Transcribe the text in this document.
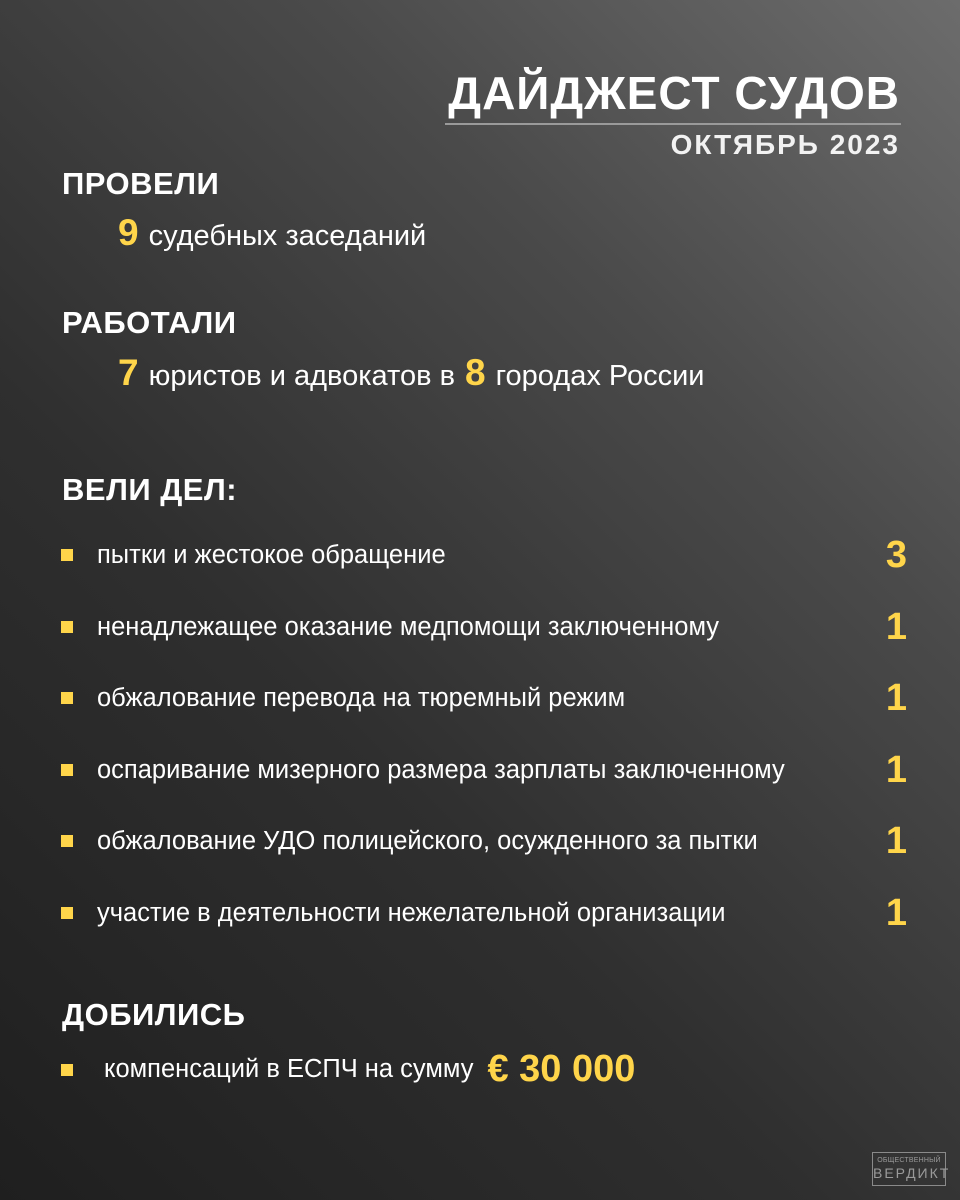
ДАЙДЖЕСТ СУДОВ
ОКТЯБРЬ 2023
ПРОВЕЛИ
9 судебных заседаний
РАБОТАЛИ
7 юристов и адвокатов в 8 городах России
ВЕЛИ ДЕЛ:
пытки и жестокое обращение	3
ненадлежащее оказание медпомощи заключенному	1
обжалование перевода на тюремный режим	1
оспаривание мизерного размера зарплаты заключенному	1
обжалование УДО полицейского, осужденного за пытки	1
участие в деятельности нежелательной организации	1
ДОБИЛИСЬ
компенсаций в ЕСПЧ на сумму € 30 000
ОБЩЕСТВЕННЫЙ
ВЕРДИКТ
